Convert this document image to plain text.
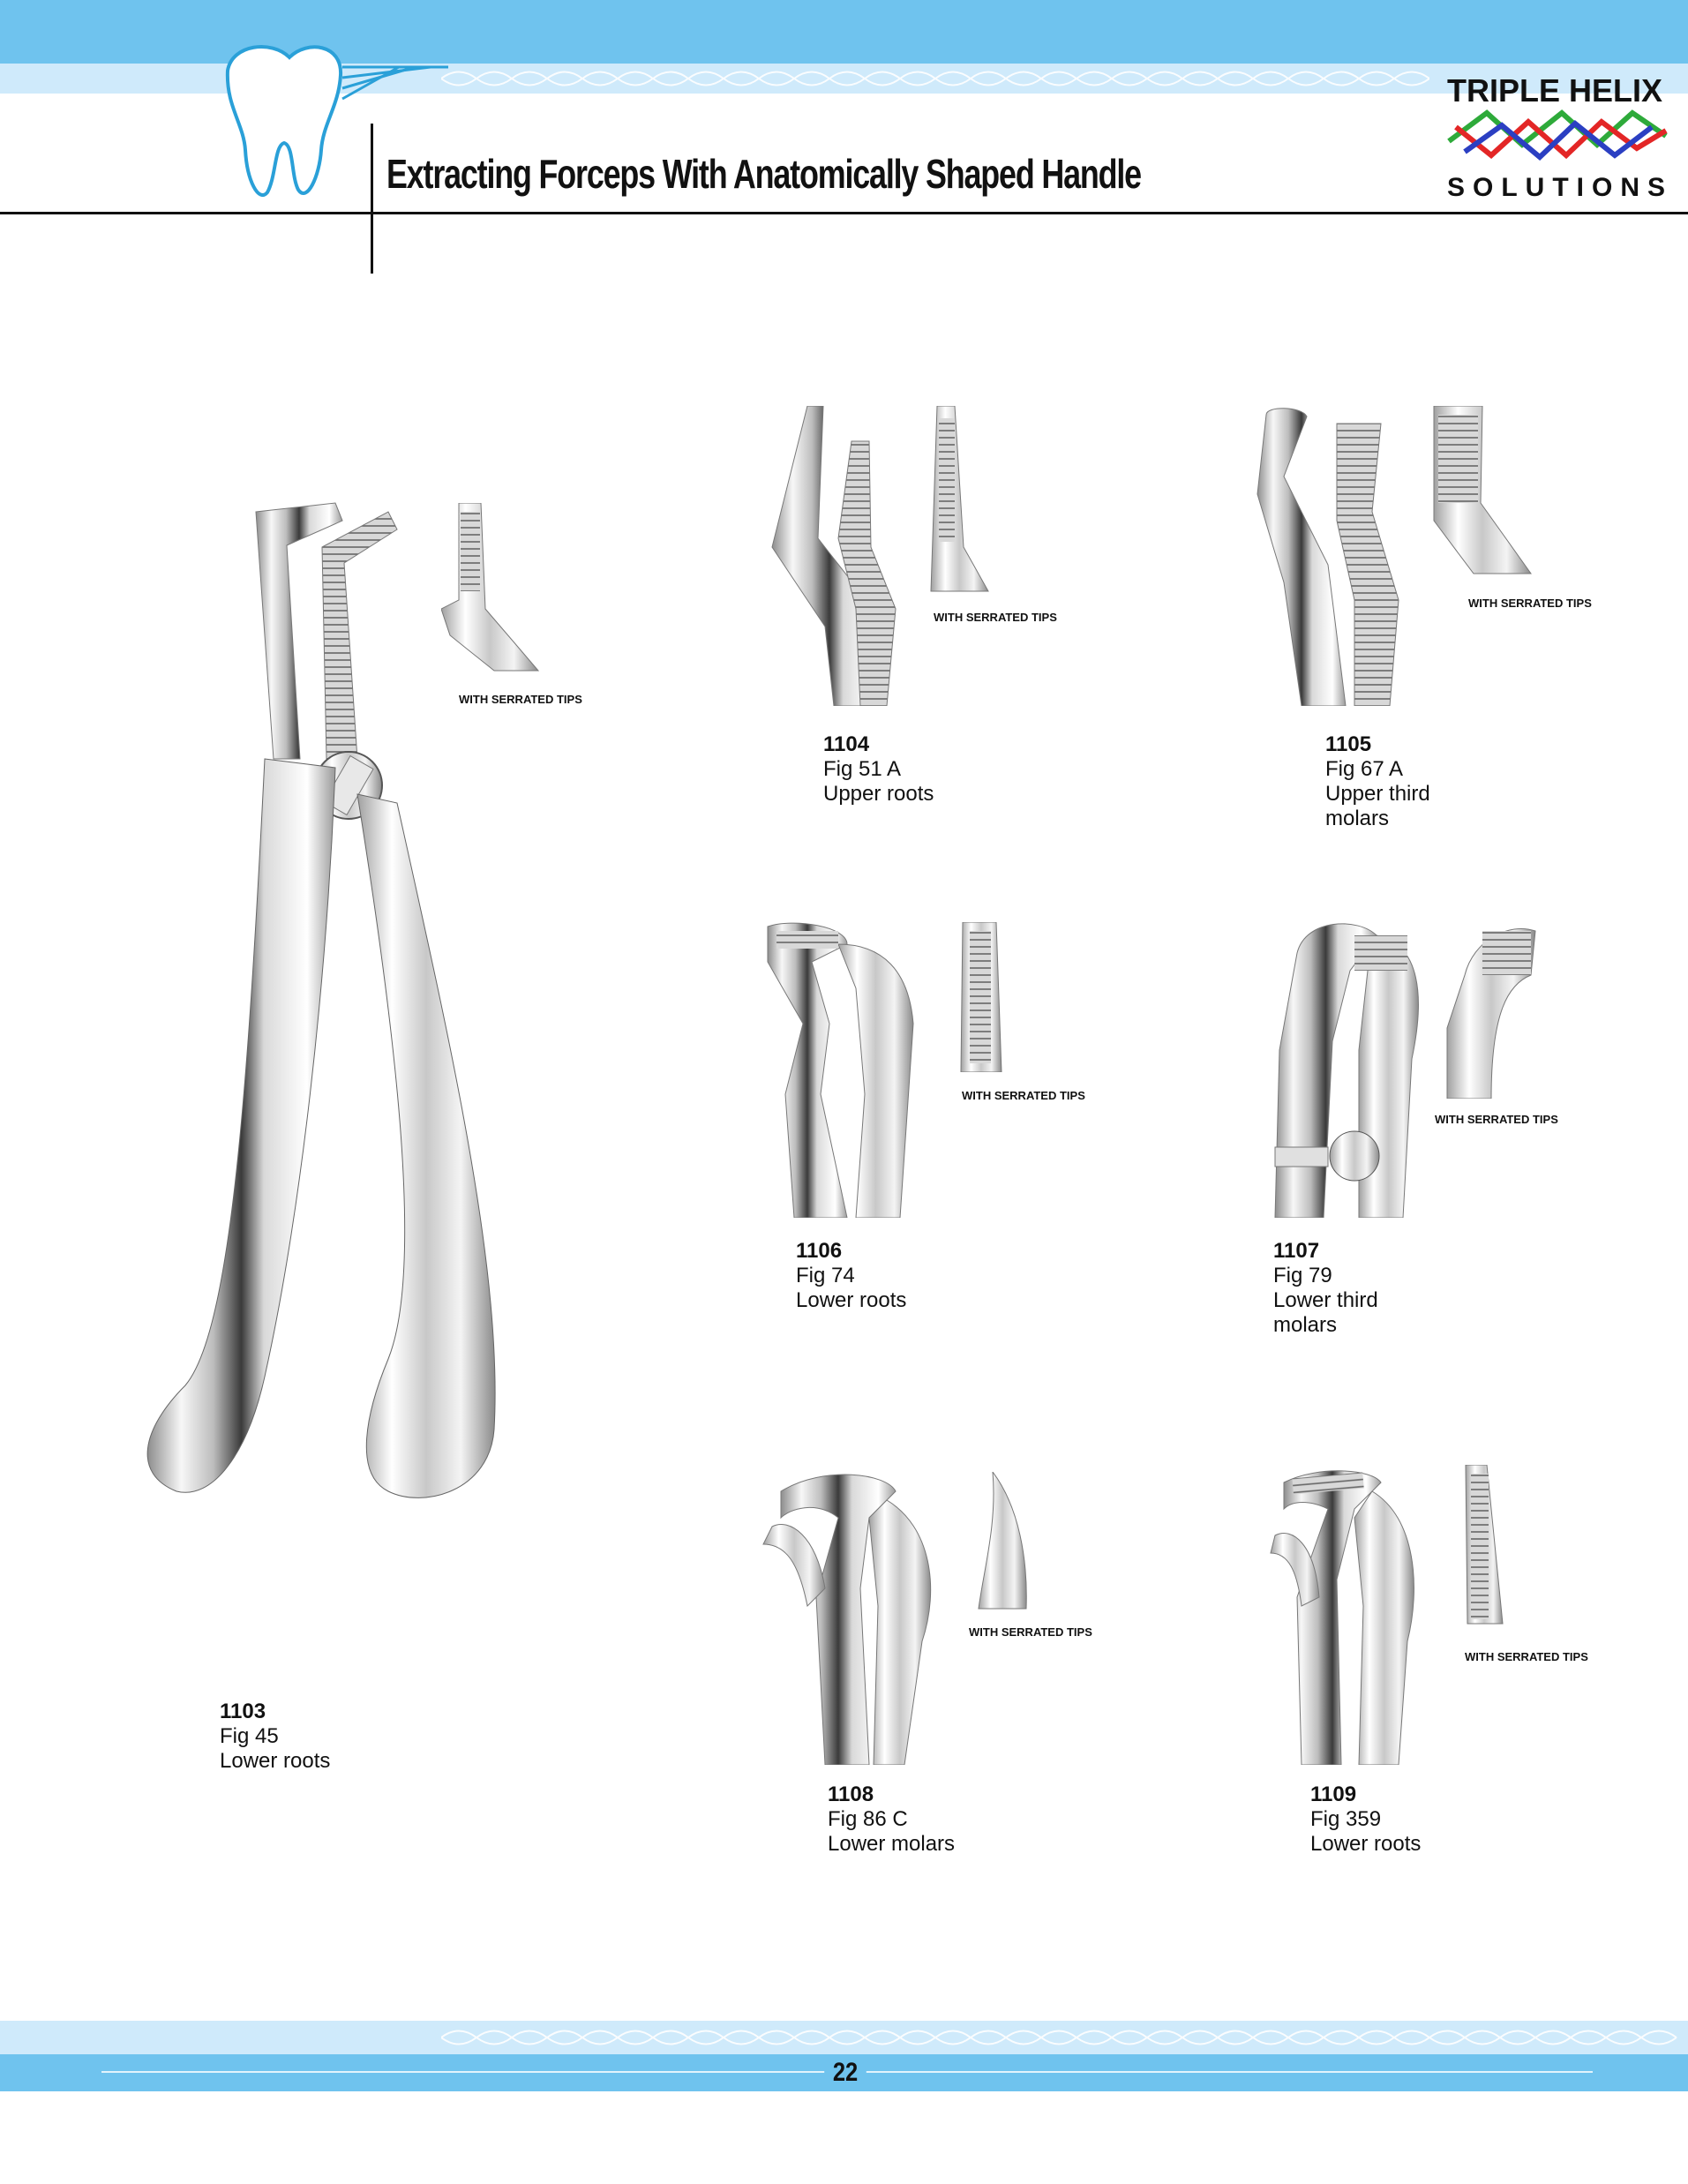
Extracting Forceps With Anatomically Shaped Handle
TRIPLE HELIX
SOLUTIONS
WITH SERRATED TIPS
1103
Fig 45
Lower roots
WITH SERRATED TIPS
1104
Fig 51 A
Upper roots
WITH SERRATED TIPS
1105
Fig 67 A
Upper third
molars
WITH SERRATED TIPS
1106
Fig 74
Lower roots
WITH SERRATED TIPS
1107
Fig 79
Lower third
molars
WITH SERRATED TIPS
1108
Fig 86 C
Lower molars
WITH SERRATED TIPS
1109
Fig 359
Lower roots
22
